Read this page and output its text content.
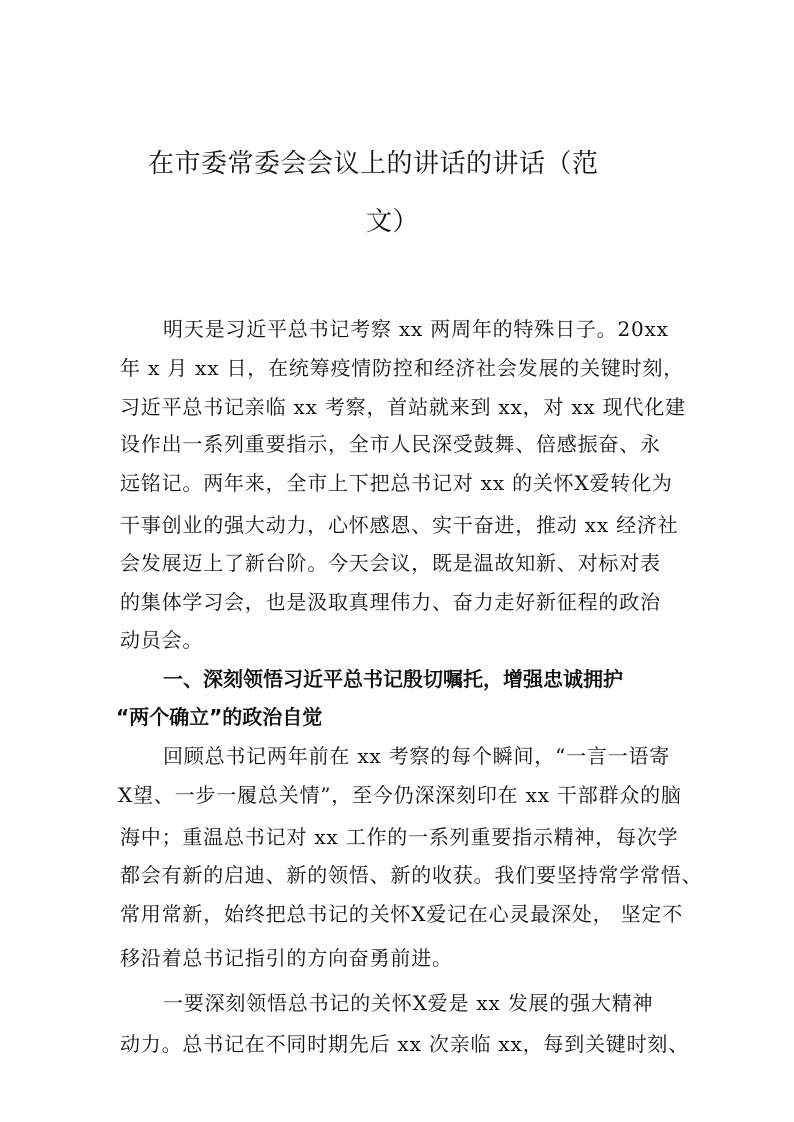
在市委常委会会议上的讲话的讲话（范
文）
明天是习近平总书记考察 xx 两周年的特殊日子。20xx
年 x 月 xx 日，在统筹疫情防控和经济社会发展的关键时刻，
习近平总书记亲临 xx 考察，首站就来到 xx，对 xx 现代化建
设作出一系列重要指示，全市人民深受鼓舞、倍感振奋、永
远铭记。两年来，全市上下把总书记对 xx 的关怀X爱转化为
干事创业的强大动力，心怀感恩、实干奋进，推动 xx 经济社
会发展迈上了新台阶。今天会议，既是温故知新、对标对表
的集体学习会，也是汲取真理伟力、奋力走好新征程的政治
动员会。
一、深刻领悟习近平总书记殷切嘱托，增强忠诚拥护
“两个确立”的政治自觉
回顾总书记两年前在 xx 考察的每个瞬间，“一言一语寄
X望、一步一履总关情”，至今仍深深刻印在 xx 干部群众的脑
海中；重温总书记对 xx 工作的一系列重要指示精神，每次学
都会有新的启迪、新的领悟、新的收获。我们要坚持常学常悟、
常用常新，始终把总书记的关怀X爱记在心灵最深处， 坚定不
移沿着总书记指引的方向奋勇前进。
一要深刻领悟总书记的关怀X爱是 xx 发展的强大精神
动力。总书记在不同时期先后 xx 次亲临 xx，每到关键时刻、
